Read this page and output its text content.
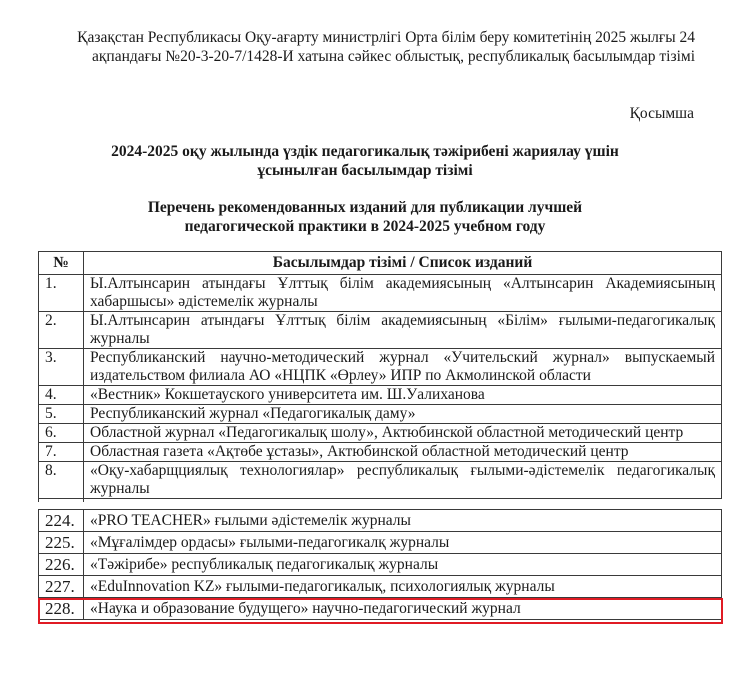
Қазақстан Республикасы Оқу-ағарту министрлігі Орта білім беру комитетінің 2025 жылғы 24
ақпандағы №20-3-20-7/1428-И хатына сәйкес облыстық, республикалық басылымдар тізімі
Қосымша
2024-2025 оқу жылында үздік педагогикалық тәжірибені жариялау үшін
ұсынылған басылымдар тізімі
Перечень рекомендованных изданий для публикации лучшей
педагогической практики в 2024-2025 учебном году
№	Басылымдар тізімі / Список изданий
1.	Ы.Алтынсарин атындағы Ұлттық білім академиясының «Алтынсарин Академиясының хабаршысы» әдістемелік журналы
2.	Ы.Алтынсарин атындағы Ұлттық білім академиясының «Білім» ғылыми-педагогикалық журналы
3.	Республиканский научно-методический журнал «Учительский журнал» выпускаемый издательством филиала АО «НЦПК «Өрлеу» ИПР по Акмолинской области
4.	«Вестник» Кокшетауского университета им. Ш.Уалиханова
5.	Республиканский журнал «Педагогикалық даму»
6.	Областной журнал «Педагогикалық шолу», Актюбинской областной методический центр
7.	Областная газета «Ақтөбе ұстазы», Актюбинской областной методический центр
8.	«Оқу-хабарщциялық технологиялар» республикалық ғылыми-әдістемелік педагогикалық журналы

224.	«PRO TEACHER» ғылыми әдістемелік журналы
225.	«Мұғалімдер ордасы» ғылыми-педагогикалқ журналы
226.	«Тәжірибе» республикалық педагогикалық журналы
227.	«EduInnovation KZ» ғылыми-педагогикалық, психологиялық журналы
228.	«Наука и образование будущего» научно-педагогический журнал
